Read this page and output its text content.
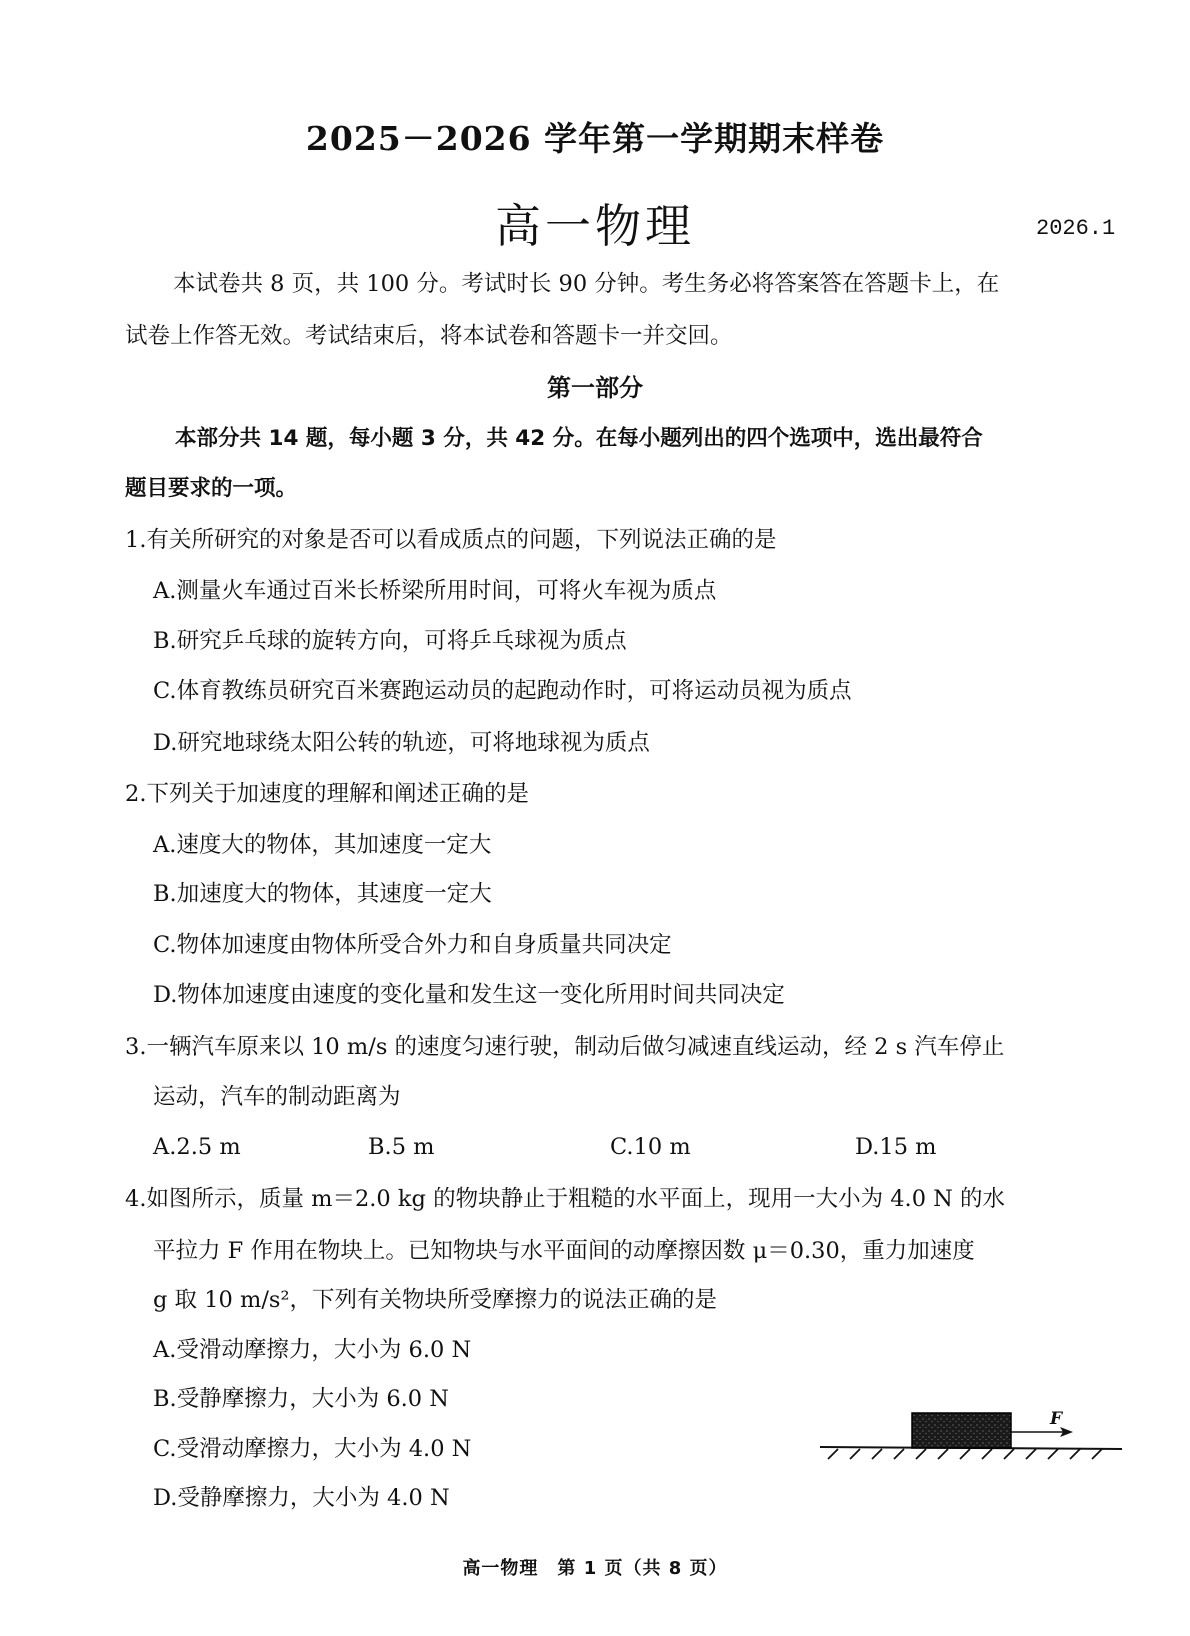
2025－2026 学年第一学期期末样卷
高一物理	2026.1
本试卷共 8 页，共 100 分。考试时长 90 分钟。考生务必将答案答在答题卡上，在
试卷上作答无效。考试结束后，将本试卷和答题卡一并交回。
第一部分
本部分共 14 题，每小题 3 分，共 42 分。在每小题列出的四个选项中，选出最符合
题目要求的一项。
1.有关所研究的对象是否可以看成质点的问题，下列说法正确的是
A.测量火车通过百米长桥梁所用时间，可将火车视为质点
B.研究乒乓球的旋转方向，可将乒乓球视为质点
C.体育教练员研究百米赛跑运动员的起跑动作时，可将运动员视为质点
D.研究地球绕太阳公转的轨迹，可将地球视为质点
2.下列关于加速度的理解和阐述正确的是
A.速度大的物体，其加速度一定大
B.加速度大的物体，其速度一定大
C.物体加速度由物体所受合外力和自身质量共同决定
D.物体加速度由速度的变化量和发生这一变化所用时间共同决定
3.一辆汽车原来以 10 m/s 的速度匀速行驶，制动后做匀减速直线运动，经 2 s 汽车停止
运动，汽车的制动距离为
A.2.5 m	B.5 m	C.10 m	D.15 m
4.如图所示，质量 m＝2.0 kg 的物块静止于粗糙的水平面上，现用一大小为 4.0 N 的水
平拉力 F 作用在物块上。已知物块与水平面间的动摩擦因数 μ＝0.30，重力加速度
g 取 10 m/s²，下列有关物块所受摩擦力的说法正确的是
A.受滑动摩擦力，大小为 6.0 N
B.受静摩擦力，大小为 6.0 N
C.受滑动摩擦力，大小为 4.0 N
D.受静摩擦力，大小为 4.0 N
F
高一物理　第 1 页（共 8 页）
